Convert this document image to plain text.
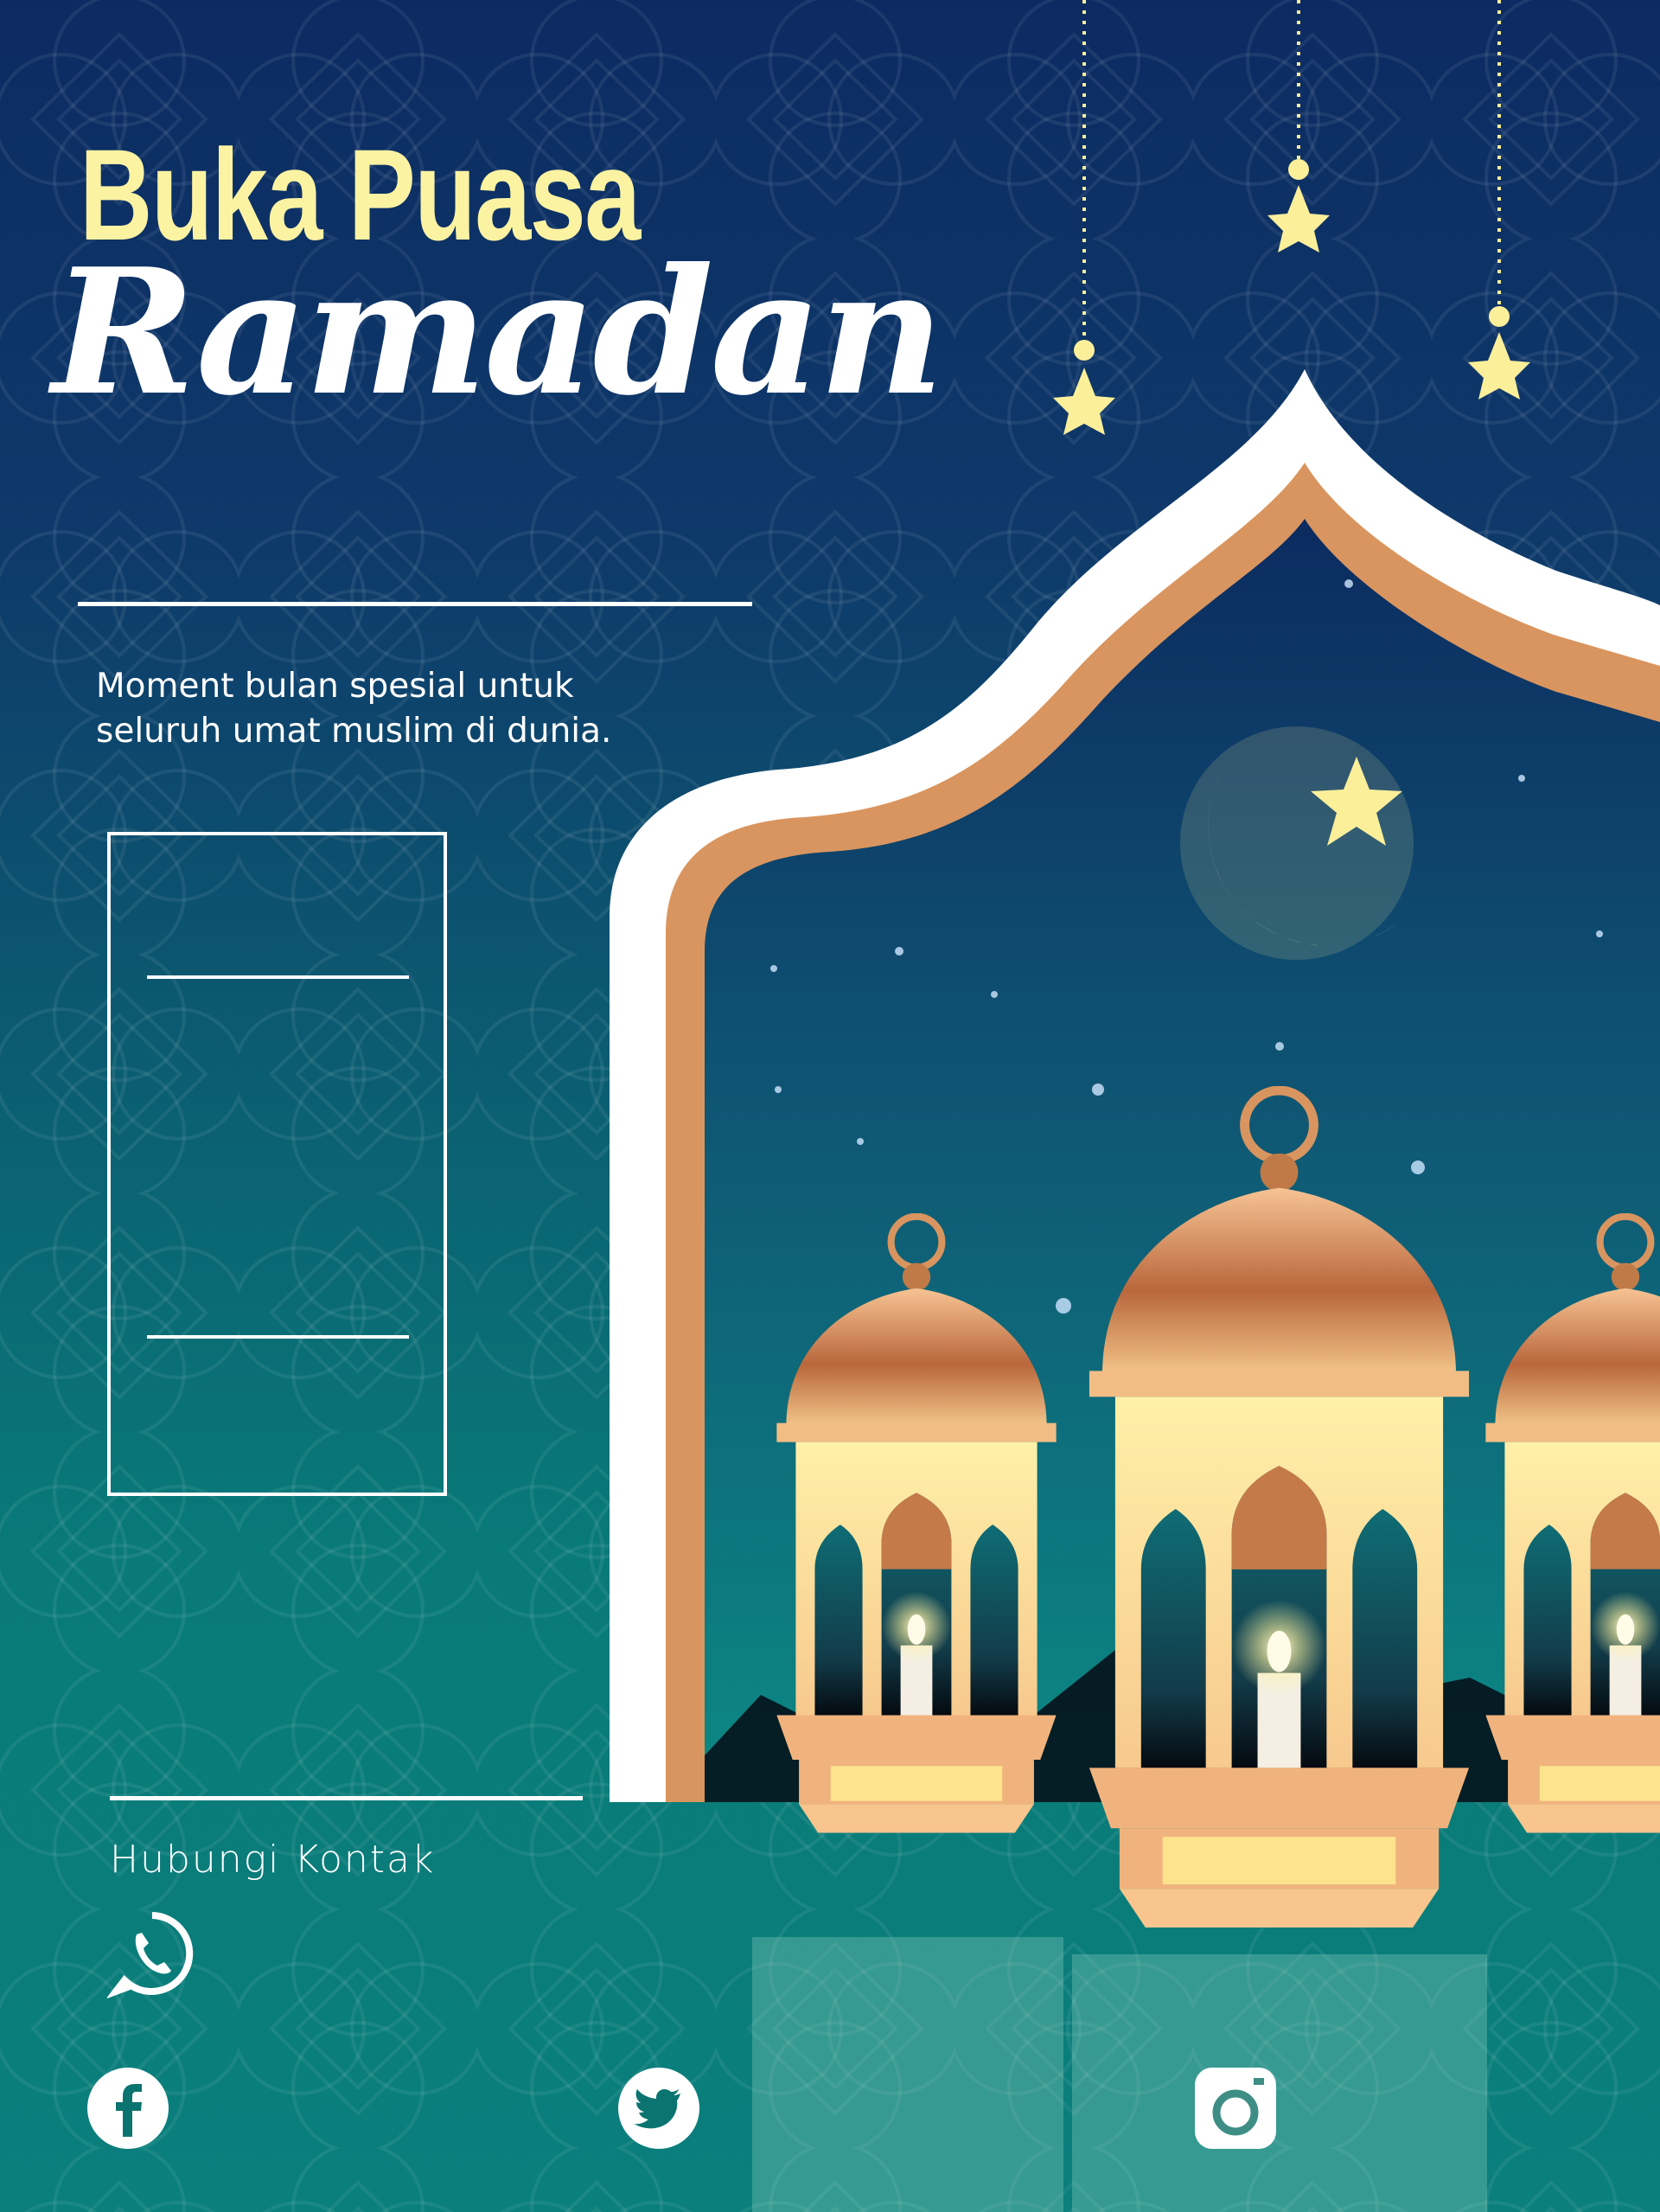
Buka Puasa
Ramadan
Moment bulan spesial untuk
seluruh umat muslim di dunia.
Hubungi Kontak
